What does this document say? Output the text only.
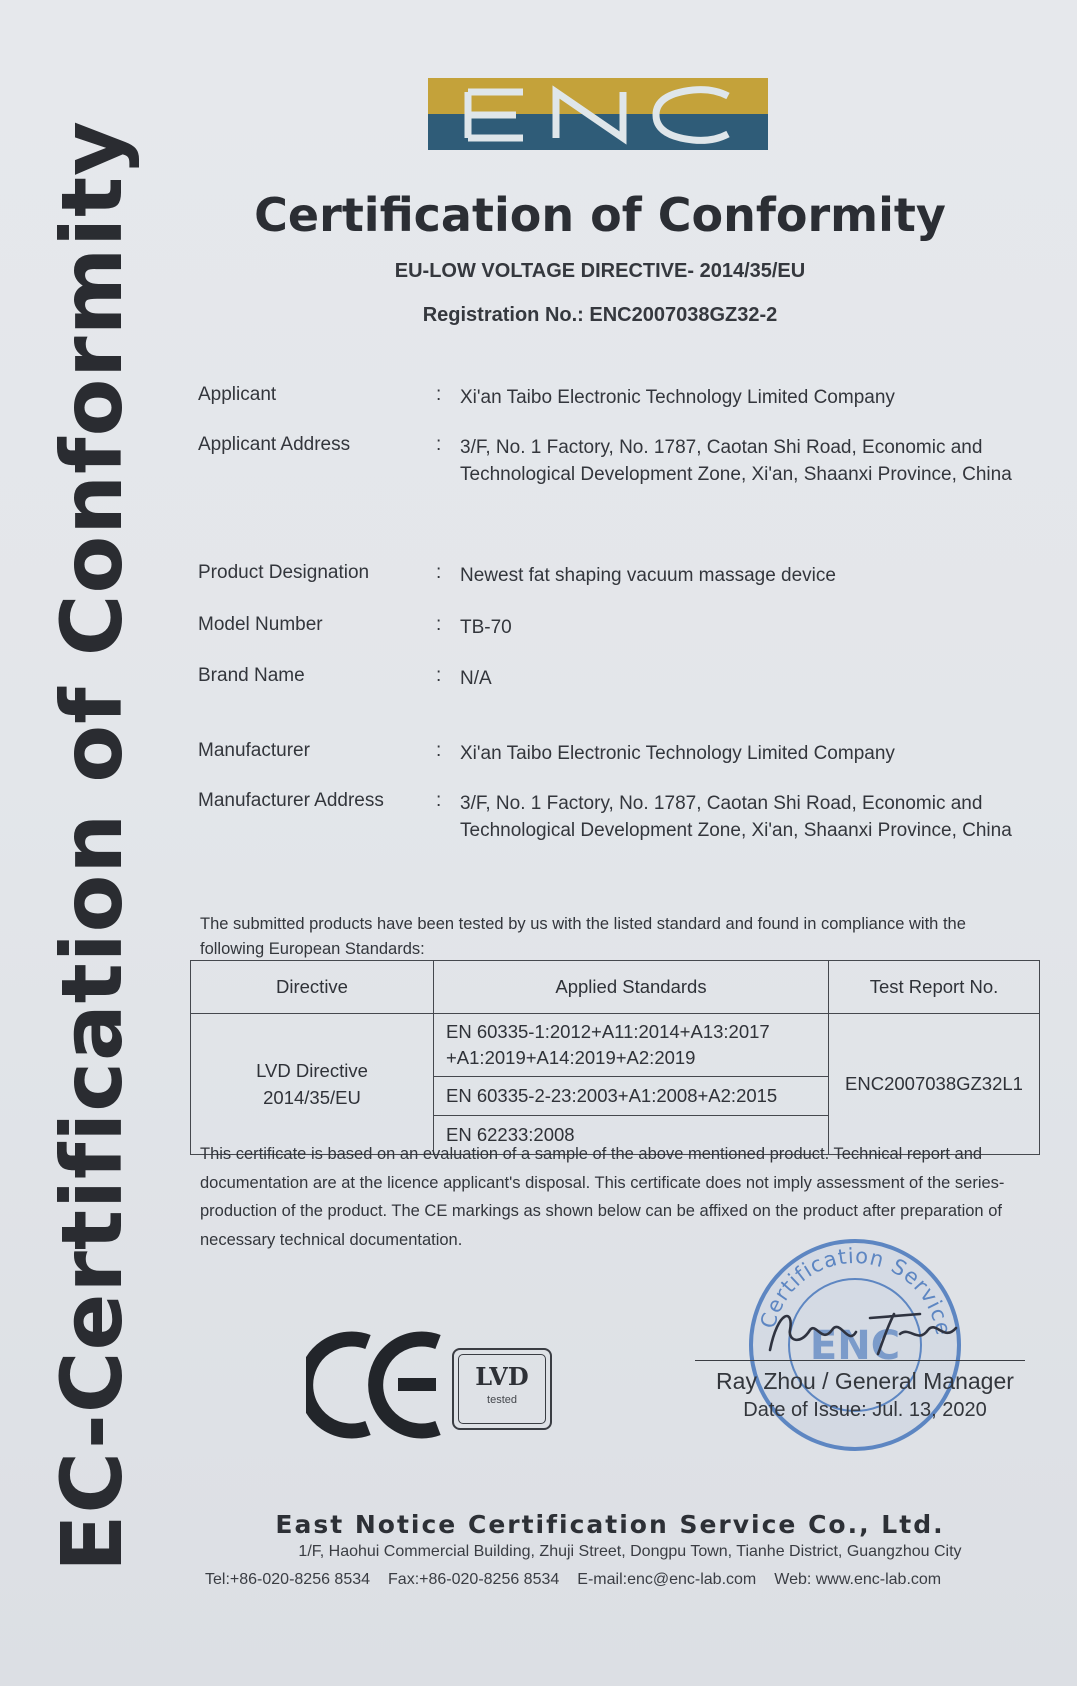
EC-Certification of Conformity	Certification of Conformity
EU-LOW VOLTAGE DIRECTIVE- 2014/35/EU
Registration No.: ENC2007038GZ32-2
Applicant	: Xi'an Taibo Electronic Technology Limited Company
Applicant Address	: 3/F, No. 1 Factory, No. 1787, Caotan Shi Road, Economic and Technological Development Zone, Xi'an, Shaanxi Province, China
Product Designation	: Newest fat shaping vacuum massage device
Model Number	: TB-70
Brand Name	: N/A
Manufacturer	: Xi'an Taibo Electronic Technology Limited Company
Manufacturer Address	: 3/F, No. 1 Factory, No. 1787, Caotan Shi Road, Economic and Technological Development Zone, Xi'an, Shaanxi Province, China
The submitted products have been tested by us with the listed standard and found in compliance with the following European Standards:
Directive	Applied Standards	Test Report No.
LVD Directive 2014/35/EU	EN 60335-1:2012+A11:2014+A13:2017 +A1:2019+A14:2019+A2:2019	ENC2007038GZ32L1
	EN 60335-2-23:2003+A1:2008+A2:2015	
	EN 62233:2008	
This certificate is based on an evaluation of a sample of the above mentioned product. Technical report and documentation are at the licence applicant's disposal. This certificate does not imply assessment of the series-production of the product. The CE markings as shown below can be affixed on the product after preparation of necessary technical documentation.
LVD
tested
Certification Service
ENC
Ray Zhou / General Manager
Date of Issue: Jul. 13, 2020
East Notice Certification Service Co., Ltd.
1/F, Haohui Commercial Building, Zhuji Street, Dongpu Town, Tianhe District, Guangzhou City
Tel:+86-020-8256 8534 Fax:+86-020-8256 8534 E-mail:enc@enc-lab.com Web: www.enc-lab.com
